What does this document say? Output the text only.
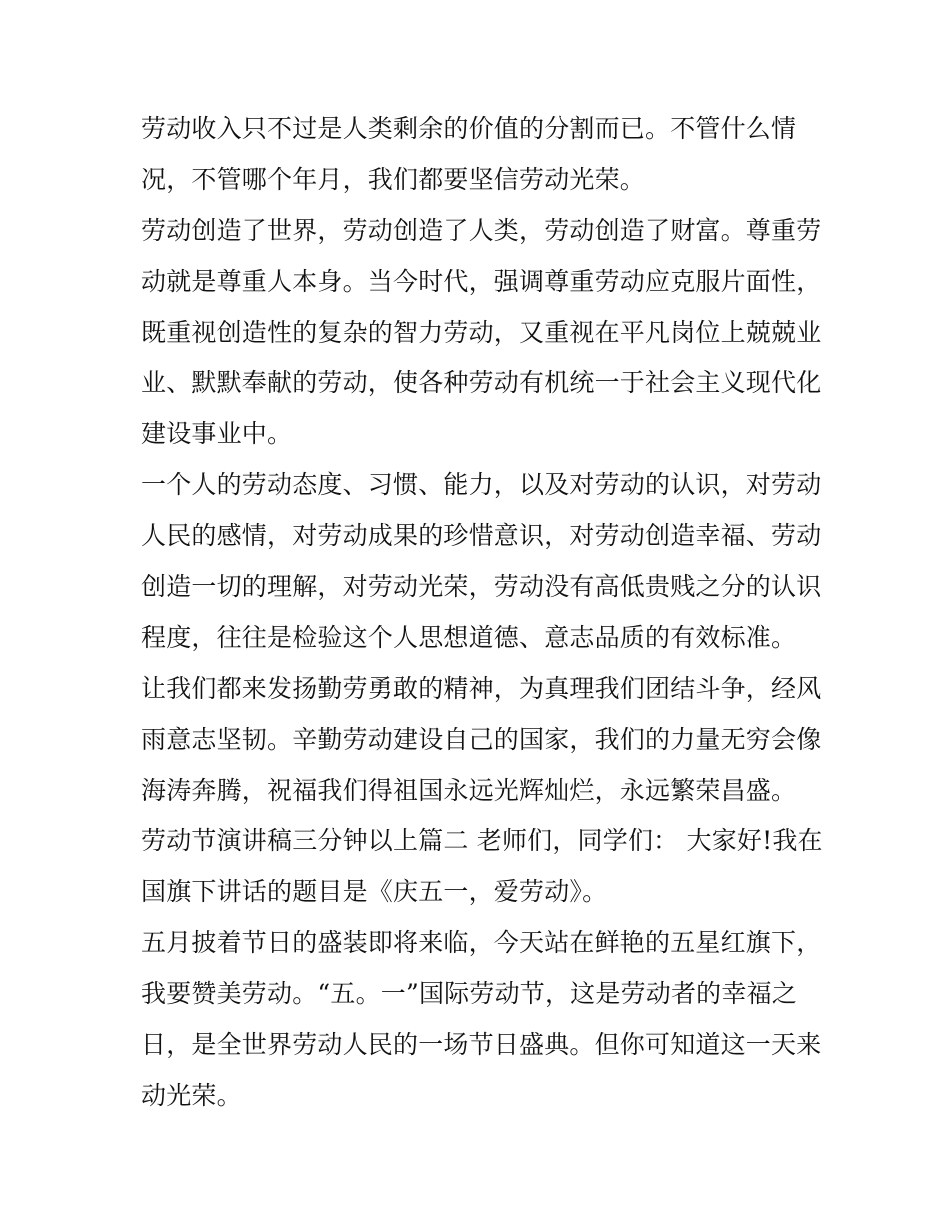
劳动收入只不过是人类剩余的价值的分割而已。不管什么情
况，不管哪个年月，我们都要坚信劳动光荣。
劳动创造了世界，劳动创造了人类，劳动创造了财富。尊重劳
动就是尊重人本身。当今时代，强调尊重劳动应克服片面性，
既重视创造性的复杂的智力劳动，又重视在平凡岗位上兢兢业
业、默默奉献的劳动，使各种劳动有机统一于社会主义现代化
建设事业中。
一个人的劳动态度、习惯、能力，以及对劳动的认识，对劳动
人民的感情，对劳动成果的珍惜意识，对劳动创造幸福、劳动
创造一切的理解，对劳动光荣，劳动没有高低贵贱之分的认识
程度，往往是检验这个人思想道德、意志品质的有效标准。
让我们都来发扬勤劳勇敢的精神，为真理我们团结斗争，经风
雨意志坚韧。辛勤劳动建设自己的国家，我们的力量无穷会像
海涛奔腾，祝福我们得祖国永远光辉灿烂，永远繁荣昌盛。
劳动节演讲稿三分钟以上篇二 老师们，同学们： 大家好!我在
国旗下讲话的题目是《庆五一，爱劳动》。
五月披着节日的盛装即将来临，今天站在鲜艳的五星红旗下，
我要赞美劳动。“五。一”国际劳动节，这是劳动者的幸福之
日，是全世界劳动人民的一场节日盛典。但你可知道这一天来
动光荣。
